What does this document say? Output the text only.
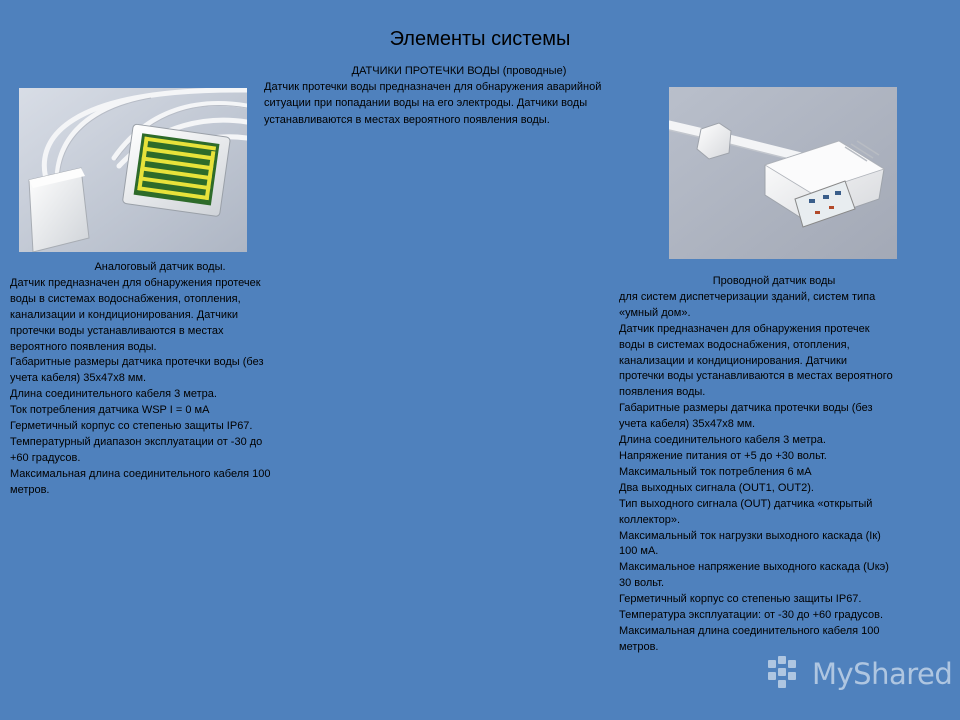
Элементы системы
ДАТЧИКИ ПРОТЕЧКИ ВОДЫ (проводные)
Датчик протечки воды предназначен для обнаружения аварийной
ситуации при попадании воды на его электроды. Датчики воды
устанавливаются в местах вероятного появления воды.
Аналоговый датчик воды.
Датчик предназначен для обнаружения протечек
воды в системах водоснабжения, отопления,
канализации и кондиционирования. Датчики
протечки воды устанавливаются в местах
вероятного появления воды.
Габаритные размеры датчика протечки воды (без
учета кабеля) 35х47х8 мм.
Длина соединительного кабеля 3 метра.
Ток потребления датчика WSP I = 0 мА
Герметичный корпус со степенью защиты IP67.
Температурный диапазон эксплуатации от -30 до
+60 градусов.
Максимальная длина соединительного кабеля 100
метров.
Проводной датчик воды
для систем диспетчеризации зданий, систем типа
«умный дом».
Датчик предназначен для обнаружения протечек
воды в системах водоснабжения, отопления,
канализации и кондиционирования. Датчики
протечки воды устанавливаются в местах вероятного
появления воды.
Габаритные размеры датчика протечки воды (без
учета кабеля) 35х47х8 мм.
Длина соединительного кабеля 3 метра.
Напряжение питания от +5 до +30 вольт.
Максимальный ток потребления 6 мА
Два выходных сигнала (OUT1, OUT2).
Тип выходного сигнала (OUT) датчика «открытый
коллектор».
Максимальный ток нагрузки выходного каскада (Iк)
100 мА.
Максимальное напряжение выходного каскада (Uкэ)
30 вольт.
Герметичный корпус со степенью защиты IP67.
Температура эксплуатации: от -30 до +60 градусов.
Максимальная длина соединительного кабеля 100
метров.
MyShared
